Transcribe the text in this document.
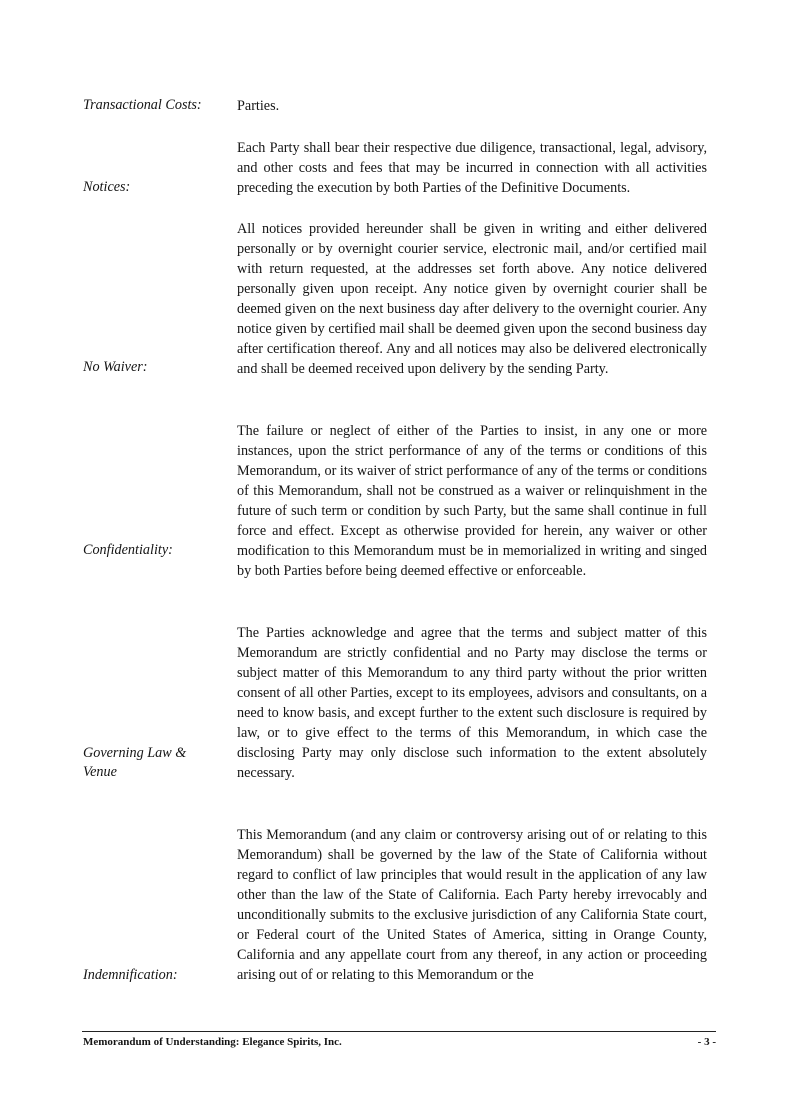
Transactional Costs:
Notices:
No Waiver:
Confidentiality:
Governing Law & Venue
Indemnification:

Parties.

Each Party shall bear their respective due diligence, transactional, legal, advisory, and other costs and fees that may be incurred in connection with all activities preceding the execution by both Parties of the Definitive Documents.

All notices provided hereunder shall be given in writing and either delivered personally or by overnight courier service, electronic mail, and/or certified mail with return requested, at the addresses set forth above. Any notice delivered personally given upon receipt. Any notice given by overnight courier shall be deemed given on the next business day after delivery to the overnight courier. Any notice given by certified mail shall be deemed given upon the second business day after certification thereof. Any and all notices may also be delivered electronically and shall be deemed received upon delivery by the sending Party.

The failure or neglect of either of the Parties to insist, in any one or more instances, upon the strict performance of any of the terms or conditions of this Memorandum, or its waiver of strict performance of any of the terms or conditions of this Memorandum, shall not be construed as a waiver or relinquishment in the future of such term or condition by such Party, but the same shall continue in full force and effect. Except as otherwise provided for herein, any waiver or other modification to this Memorandum must be in memorialized in writing and singed by both Parties before being deemed effective or enforceable.

The Parties acknowledge and agree that the terms and subject matter of this Memorandum are strictly confidential and no Party may disclose the terms or subject matter of this Memorandum to any third party without the prior written consent of all other Parties, except to its employees, advisors and consultants, on a need to know basis, and except further to the extent such disclosure is required by law, or to give effect to the terms of this Memorandum, in which case the disclosing Party may only disclose such information to the extent absolutely necessary.

This Memorandum (and any claim or controversy arising out of or relating to this Memorandum) shall be governed by the law of the State of California without regard to conflict of law principles that would result in the application of any law other than the law of the State of California. Each Party hereby irrevocably and unconditionally submits to the exclusive jurisdiction of any California State court, or Federal court of the United States of America, sitting in Orange County, California and any appellate court from any thereof, in any action or proceeding arising out of or relating to this Memorandum or the

Memorandum of Understanding: Elegance Spirits, Inc.	- 3 -
